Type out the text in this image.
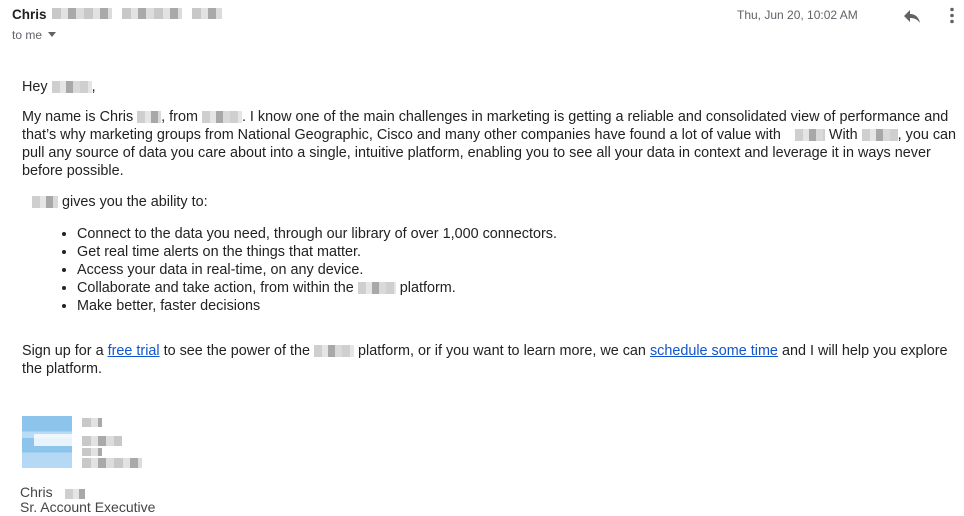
Chris
to me
Thu, Jun 20, 10:02 AM

Hey	,

My name is Chris , from	. I know one of the main challenges in marketing is getting a reliable and consolidated view of performance and that’s why marketing groups from National Geographic, Cisco and many other companies have found a lot of value with	With	, you can pull any source of data you care about into a single, intuitive platform, enabling you to see all your data in context and leverage it in ways never before possible.

gives you the ability to:

• Connect to the data you need, through our library of over 1,000 connectors.
• Get real time alerts on the things that matter.
• Access your data in real-time, on any device.
• Collaborate and take action, from within the	platform.
• Make better, faster decisions

Sign up for a free trial to see the power of the	platform, or if you want to learn more, we can schedule some time and I will help you explore the platform.

Chris
Sr. Account Executive
